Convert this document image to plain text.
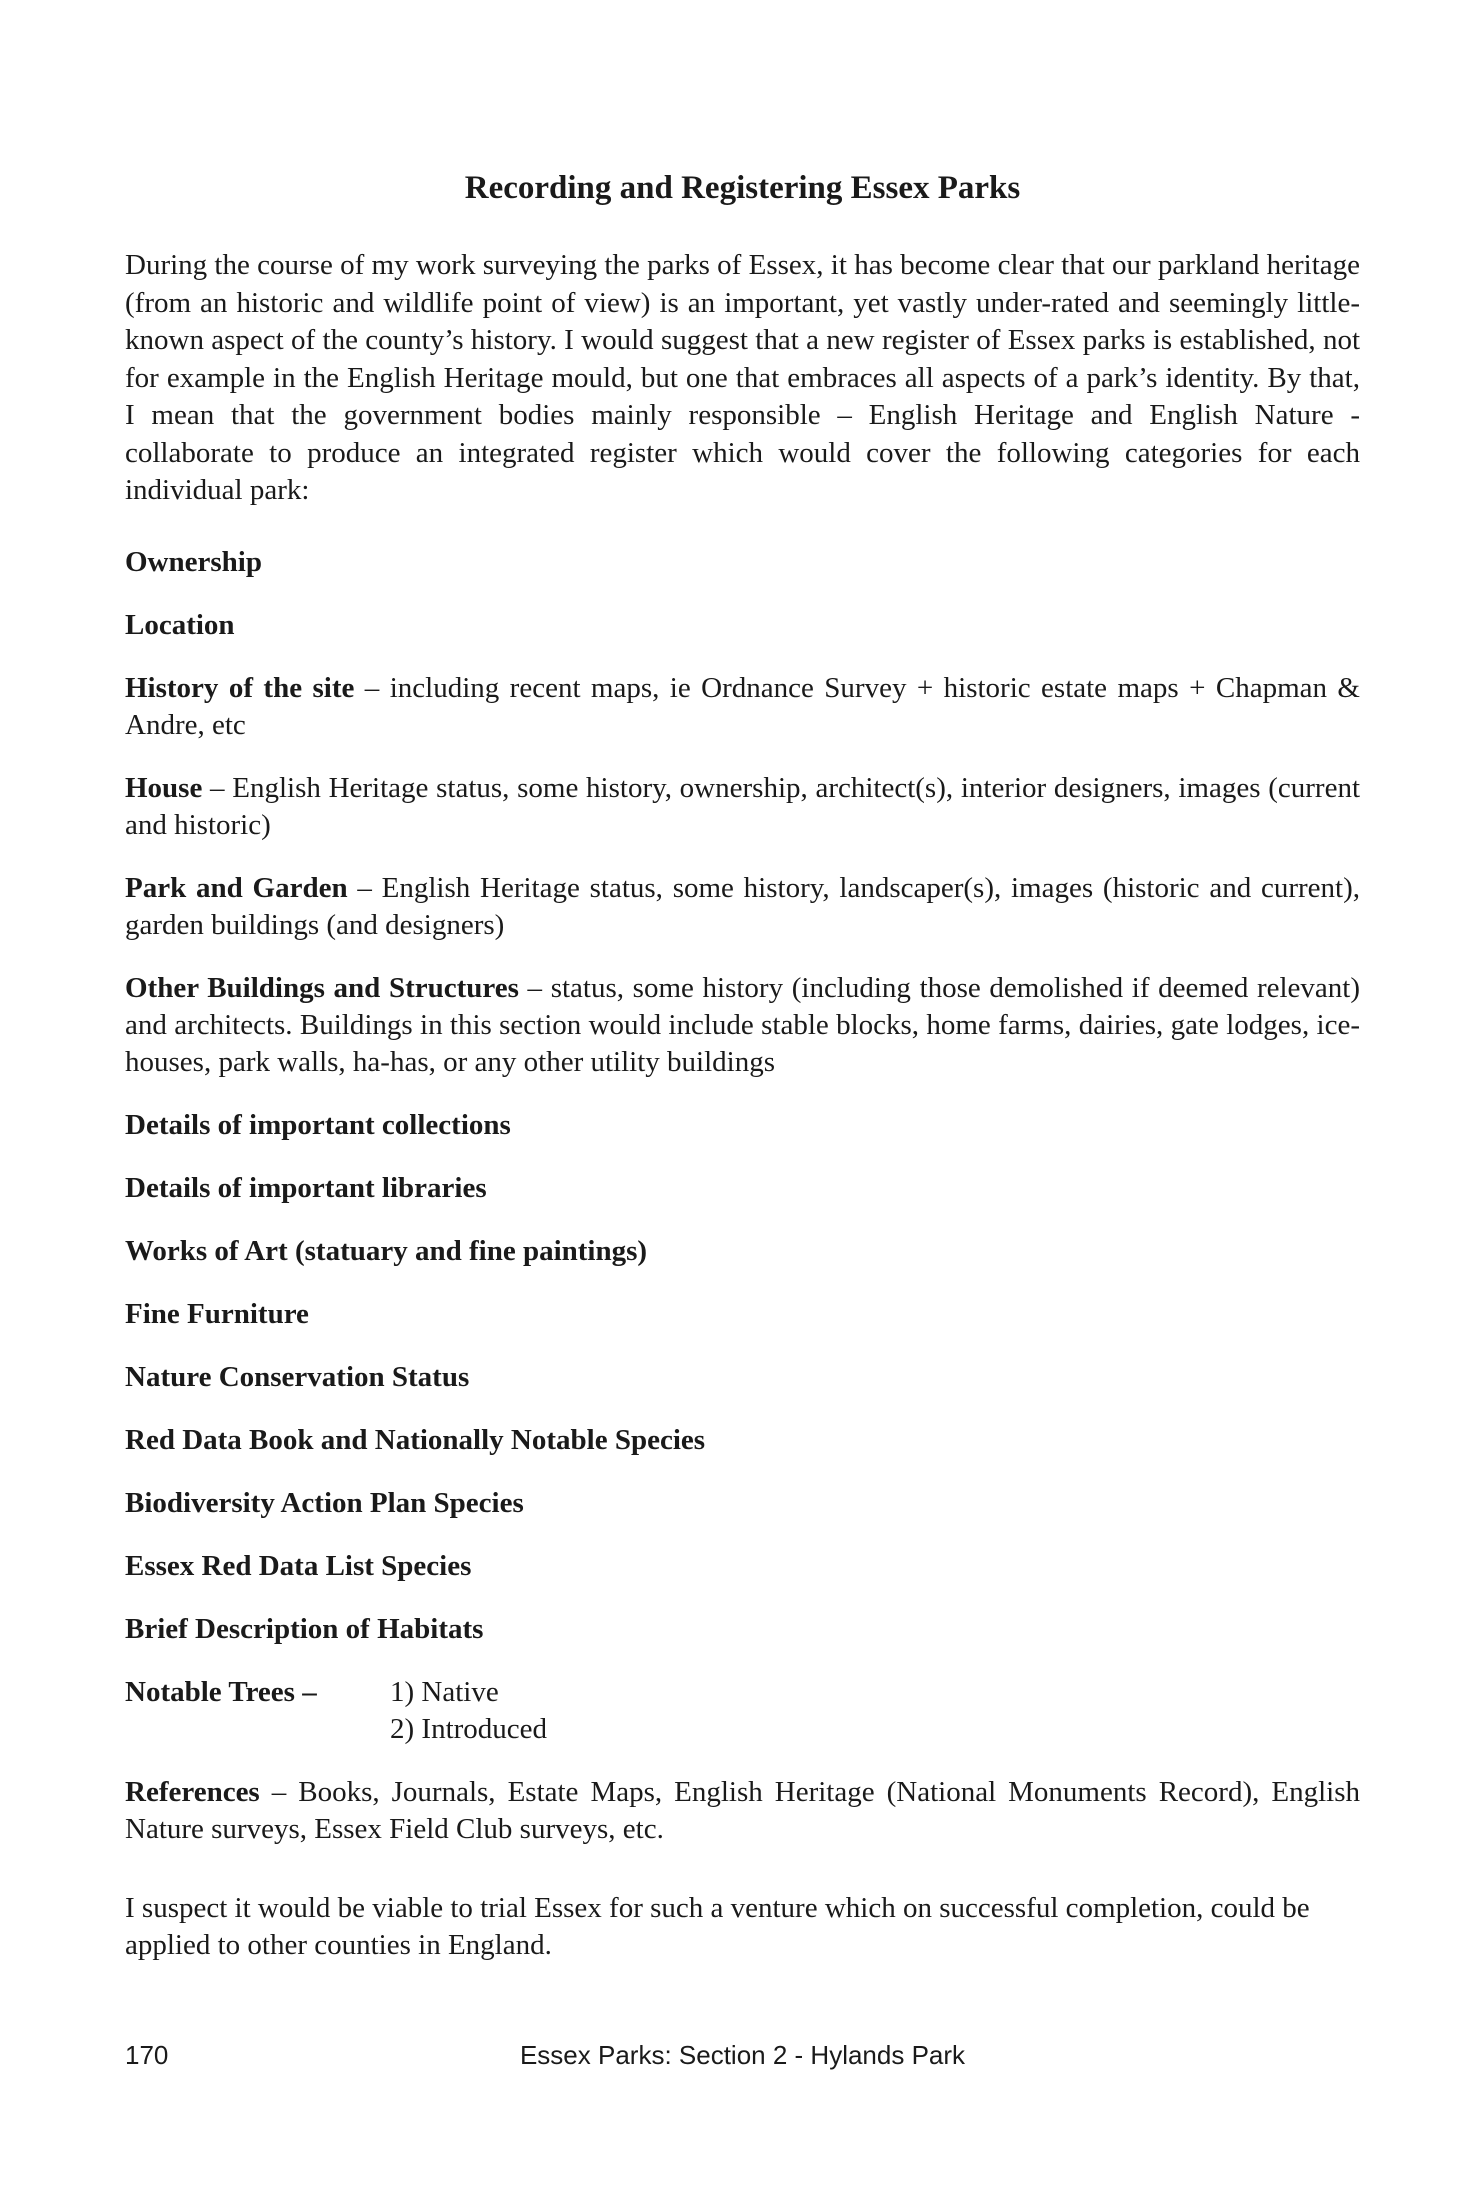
Recording and Registering Essex Parks

During the course of my work surveying the parks of Essex, it has become clear that our parkland heritage (from an historic and wildlife point of view) is an important, yet vastly under-rated and seemingly little-known aspect of the county’s history. I would suggest that a new register of Essex parks is established, not for example in the English Heritage mould, but one that embraces all aspects of a park’s identity. By that, I mean that the government bodies mainly responsible – English Heritage and English Nature - collaborate to produce an integrated register which would cover the following categories for each individual park:

Ownership

Location

History of the site – including recent maps, ie Ordnance Survey + historic estate maps + Chapman & Andre, etc

House – English Heritage status, some history, ownership, architect(s), interior designers, images (current and historic)

Park and Garden – English Heritage status, some history, landscaper(s), images (historic and current), garden buildings (and designers)

Other Buildings and Structures – status, some history (including those demolished if deemed relevant) and architects. Buildings in this section would include stable blocks, home farms, dairies, gate lodges, ice-houses, park walls, ha-has, or any other utility buildings

Details of important collections

Details of important libraries

Works of Art (statuary and fine paintings)

Fine Furniture

Nature Conservation Status

Red Data Book and Nationally Notable Species

Biodiversity Action Plan Species

Essex Red Data List Species

Brief Description of Habitats

Notable Trees –	1) Native
2) Introduced

References – Books, Journals, Estate Maps, English Heritage (National Monuments Record), English Nature surveys, Essex Field Club surveys, etc.

I suspect it would be viable to trial Essex for such a venture which on successful completion, could be applied to other counties in England.

170	Essex Parks: Section 2 - Hylands Park
